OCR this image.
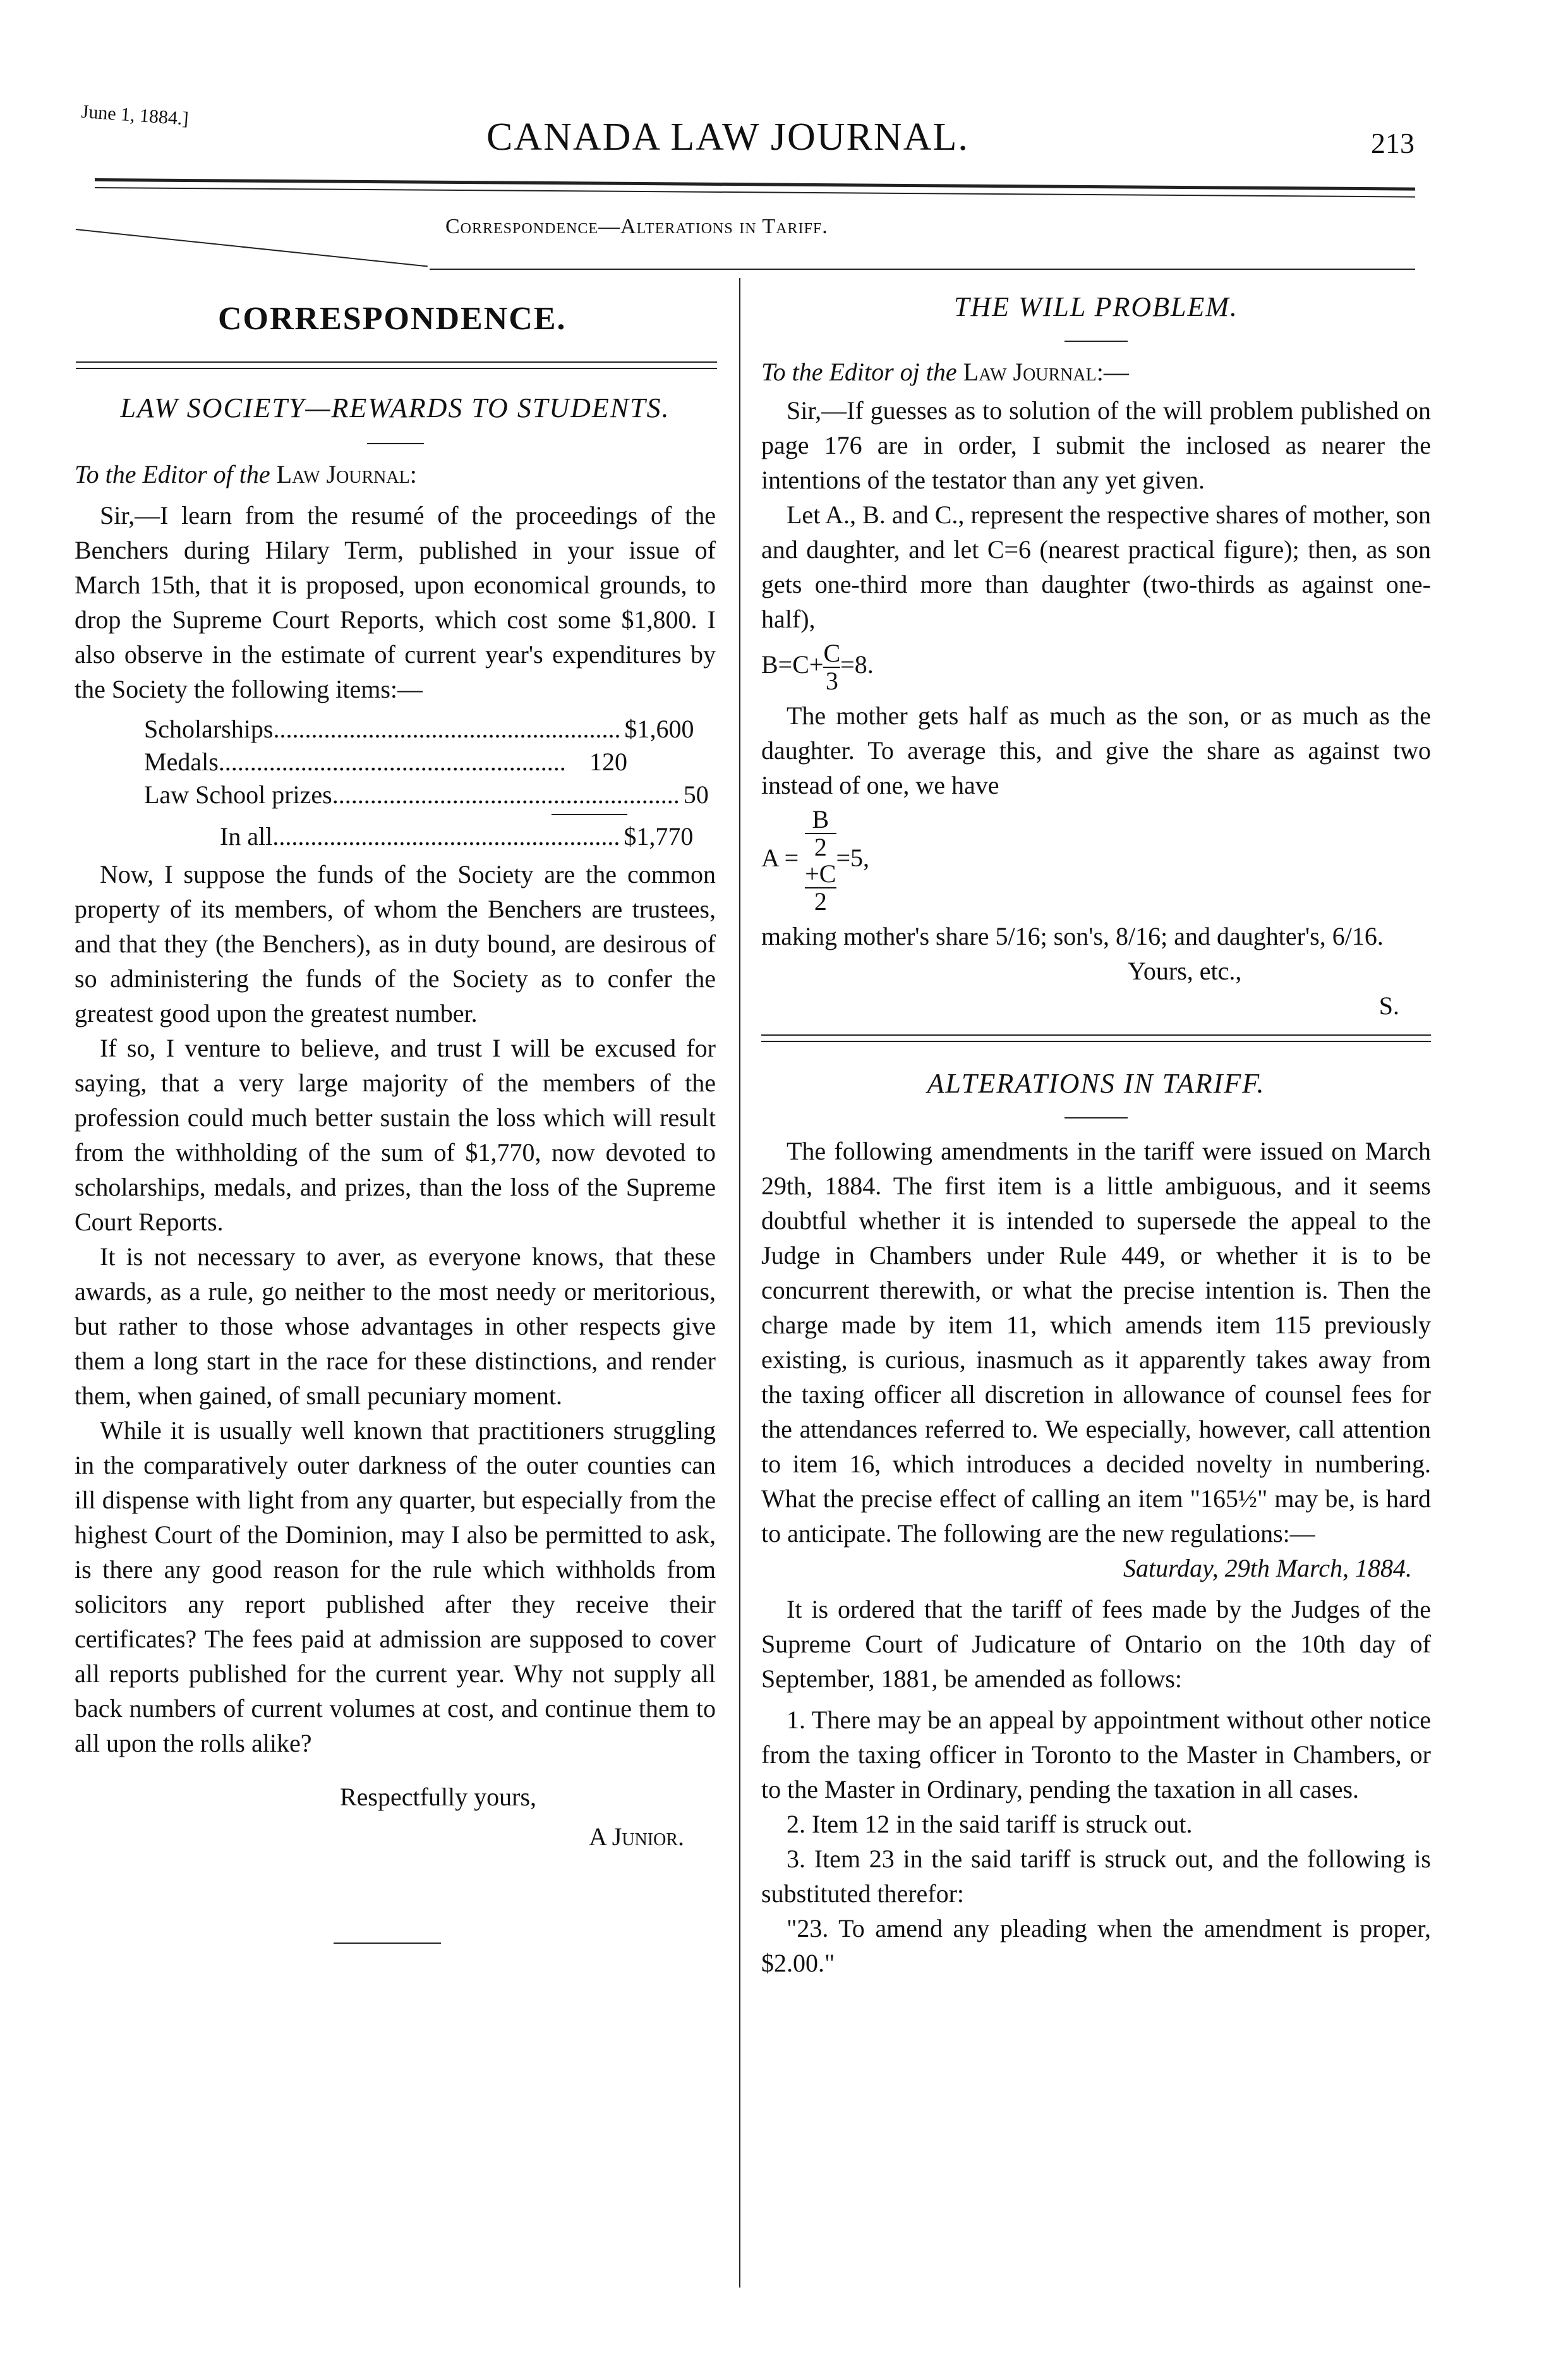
June 1, 1884.]
CANADA LAW JOURNAL.	213
Correspondence—Alterations in Tariff.
CORRESPONDENCE.
LAW SOCIETY—REWARDS TO STUDENTS.
To the Editor of the Law Journal:

Sir,—I learn from the resumé of the proceedings of the Benchers during Hilary Term, published in your issue of March 15th, that it is proposed, upon economical grounds, to drop the Supreme Court Reports, which cost some $1,800. I also observe in the estimate of current year's expenditures by the Society the following items:—

Scholarships ....................................................... $1,600
Medals ....................................................... 120
Law School prizes ....................................................... 50
In all ....................................................... $1,770

Now, I suppose the funds of the Society are the common property of its members, of whom the Benchers are trustees, and that they (the Benchers), as in duty bound, are desirous of so administering the funds of the Society as to confer the greatest good upon the greatest number.

If so, I venture to believe, and trust I will be excused for saying, that a very large majority of the members of the profession could much better sustain the loss which will result from the withholding of the sum of $1,770, now devoted to scholarships, medals, and prizes, than the loss of the Supreme Court Reports.

It is not necessary to aver, as everyone knows, that these awards, as a rule, go neither to the most needy or meritorious, but rather to those whose advantages in other respects give them a long start in the race for these distinctions, and render them, when gained, of small pecuniary moment.

While it is usually well known that practitioners struggling in the comparatively outer darkness of the outer counties can ill dispense with light from any quarter, but especially from the highest Court of the Dominion, may I also be permitted to ask, is there any good reason for the rule which withholds from solicitors any report published after they receive their certificates? The fees paid at admission are supposed to cover all reports published for the current year. Why not supply all back numbers of current volumes at cost, and continue them to all upon the rolls alike?

Respectfully yours,
A Junior.
THE WILL PROBLEM.
To the Editor oj the Law Journal:—

Sir,—If guesses as to solution of the will problem published on page 176 are in order, I submit the inclosed as nearer the intentions of the testator than any yet given.

Let A., B. and C., represent the respective shares of mother, son and daughter, and let C=6 (nearest practical figure); then, as son gets one-third more than daughter (two-thirds as against one-half),

$B=C+ \frac{C}{3} =8$.

The mother gets half as much as the son, or as much as the daughter. To average this, and give the share as against two instead of one, we have

A = B
2
+C
2 =5,

making mother's share 5/16; son's, 8/16; and daughter's, 6/16.

Yours, etc.,
S.
ALTERATIONS IN TARIFF.

The following amendments in the tariff were issued on March 29th, 1884. The first item is a little ambiguous, and it seems doubtful whether it is intended to supersede the appeal to the Judge in Chambers under Rule 449, or whether it is to be concurrent therewith, or what the precise intention is. Then the charge made by item 11, which amends item 115 previously existing, is curious, inasmuch as it apparently takes away from the taxing officer all discretion in allowance of counsel fees for the attendances referred to. We especially, however, call attention to item 16, which introduces a decided novelty in numbering. What the precise effect of calling an item "165½" may be, is hard to anticipate. The following are the new regulations:—

Saturday, 29th March, 1884.

It is ordered that the tariff of fees made by the Judges of the Supreme Court of Judicature of Ontario on the 10th day of September, 1881, be amended as follows:

1. There may be an appeal by appointment without other notice from the taxing officer in Toronto to the Master in Chambers, or to the Master in Ordinary, pending the taxation in all cases.

2. Item 12 in the said tariff is struck out.

3. Item 23 in the said tariff is struck out, and the following is substituted therefor:

"23. To amend any pleading when the amendment is proper, $2.00."
